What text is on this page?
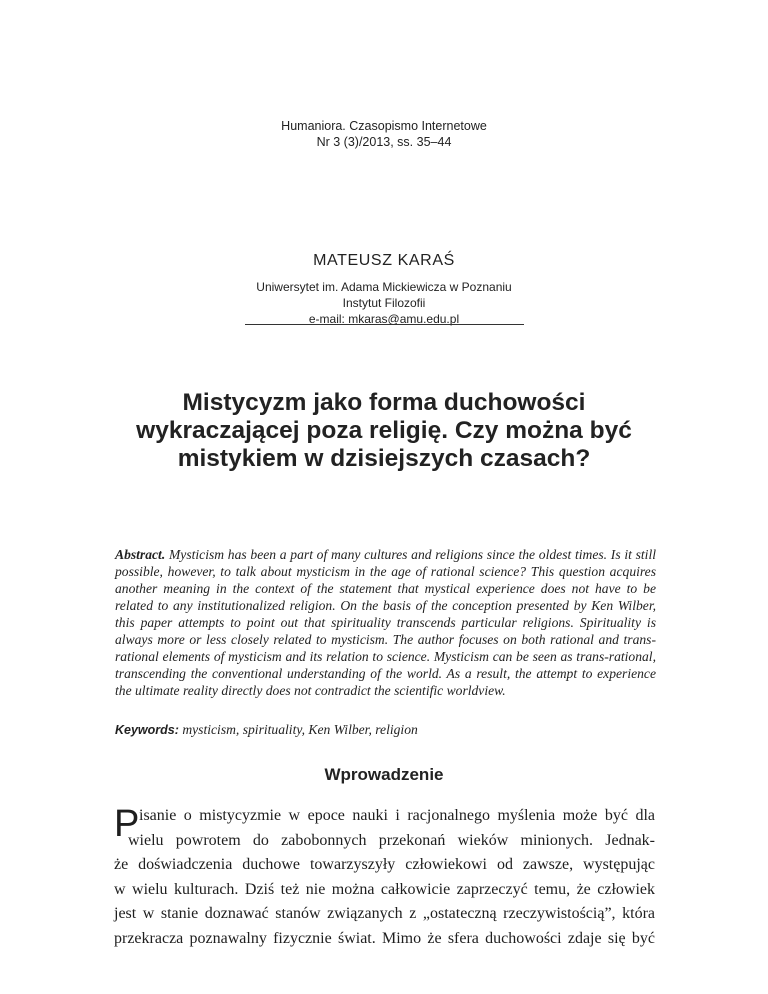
Humaniora. Czasopismo Internetowe
Nr 3 (3)/2013, ss. 35–44
MATEUSZ KARAŚ
Uniwersytet im. Adama Mickiewicza w Poznaniu
Instytut Filozofii
e-mail: mkaras@amu.edu.pl
Mistycyzm jako forma duchowości
wykraczającej poza religię. Czy można być
mistykiem w dzisiejszych czasach?
Abstract. Mysticism has been a part of many cultures and religions since the oldest times. Is it still possible, however, to talk about mysticism in the age of rational science? This question acquires another meaning in the context of the statement that mystical experience does not have to be related to any institutionalized religion. On the basis of the conception presented by Ken Wilber, this paper attempts to point out that spirituality transcends particular religions. Spirituality is always more or less closely related to mysticism. The author focuses on both rational and trans-rational elements of mysticism and its relation to science. Mysticism can be seen as trans-rational, transcending the conventional understanding of the world. As a result, the attempt to experience the ultimate reality directly does not contradict the scientific worldview.
Keywords: mysticism, spirituality, Ken Wilber, religion
Wprowadzenie
P isanie o mistycyzmie w epoce nauki i racjonalnego myślenia może być dla
wielu powrotem do zabobonnych przekonań wieków minionych. Jednak-
że doświadczenia duchowe towarzyszyły człowiekowi od zawsze, występując
w wielu kulturach. Dziś też nie można całkowicie zaprzeczyć temu, że człowiek
jest w stanie doznawać stanów związanych z „ostateczną rzeczywistością”, która
przekracza poznawalny fizycznie świat. Mimo że sfera duchowości zdaje się być
